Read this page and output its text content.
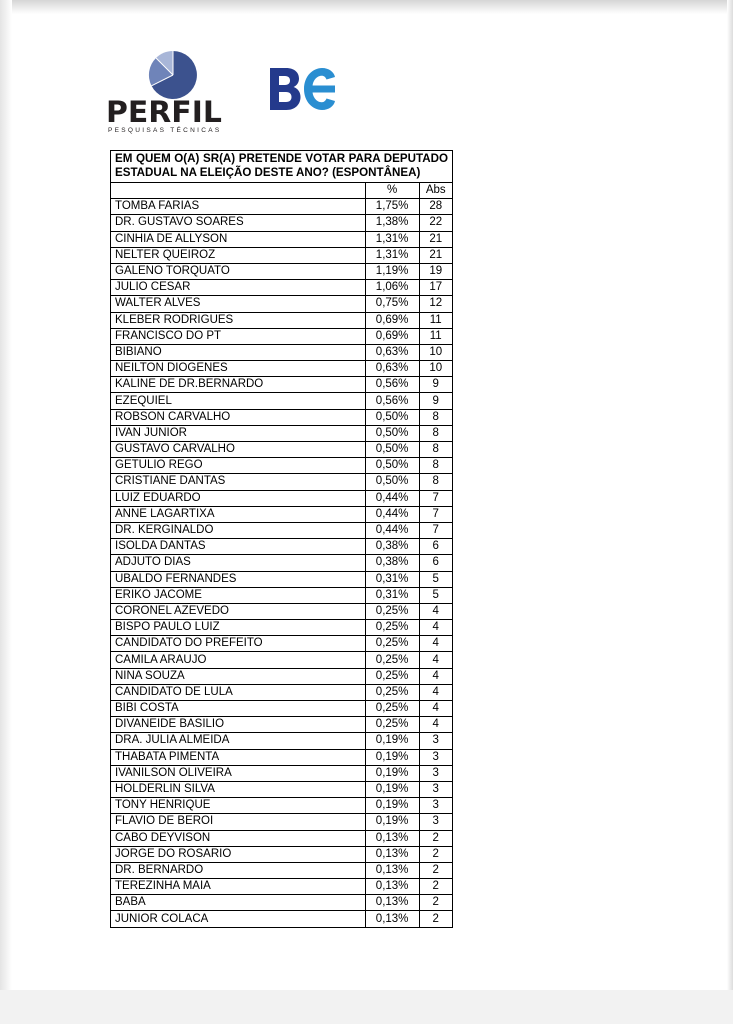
PERFIL
PESQUISAS TÉCNICAS
EM QUEM O(A) SR(A) PRETENDE VOTAR PARA DEPUTADO ESTADUAL NA ELEIÇÃO DESTE ANO? (ESPONTÂNEA)		
	%	Abs
TOMBA FARIAS	1,75%	28
DR. GUSTAVO SOARES	1,38%	22
CINHIA DE ALLYSON	1,31%	21
NELTER QUEIROZ	1,31%	21
GALENO TORQUATO	1,19%	19
JULIO CESAR	1,06%	17
WALTER ALVES	0,75%	12
KLEBER RODRIGUES	0,69%	11
FRANCISCO DO PT	0,69%	11
BIBIANO	0,63%	10
NEILTON DIOGENES	0,63%	10
KALINE DE DR.BERNARDO	0,56%	9
EZEQUIEL	0,56%	9
ROBSON CARVALHO	0,50%	8
IVAN JUNIOR	0,50%	8
GUSTAVO CARVALHO	0,50%	8
GETULIO REGO	0,50%	8
CRISTIANE DANTAS	0,50%	8
LUIZ EDUARDO	0,44%	7
ANNE LAGARTIXA	0,44%	7
DR. KERGINALDO	0,44%	7
ISOLDA DANTAS	0,38%	6
ADJUTO DIAS	0,38%	6
UBALDO FERNANDES	0,31%	5
ERIKO JACOME	0,31%	5
CORONEL AZEVEDO	0,25%	4
BISPO PAULO LUIZ	0,25%	4
CANDIDATO DO PREFEITO	0,25%	4
CAMILA ARAUJO	0,25%	4
NINA SOUZA	0,25%	4
CANDIDATO DE LULA	0,25%	4
BIBI COSTA	0,25%	4
DIVANEIDE BASILIO	0,25%	4
DRA. JULIA ALMEIDA	0,19%	3
THABATA PIMENTA	0,19%	3
IVANILSON OLIVEIRA	0,19%	3
HOLDERLIN SILVA	0,19%	3
TONY HENRIQUE	0,19%	3
FLAVIO DE BEROI	0,19%	3
CABO DEYVISON	0,13%	2
JORGE DO ROSARIO	0,13%	2
DR. BERNARDO	0,13%	2
TEREZINHA MAIA	0,13%	2
BABA	0,13%	2
JUNIOR COLACA	0,13%	2
